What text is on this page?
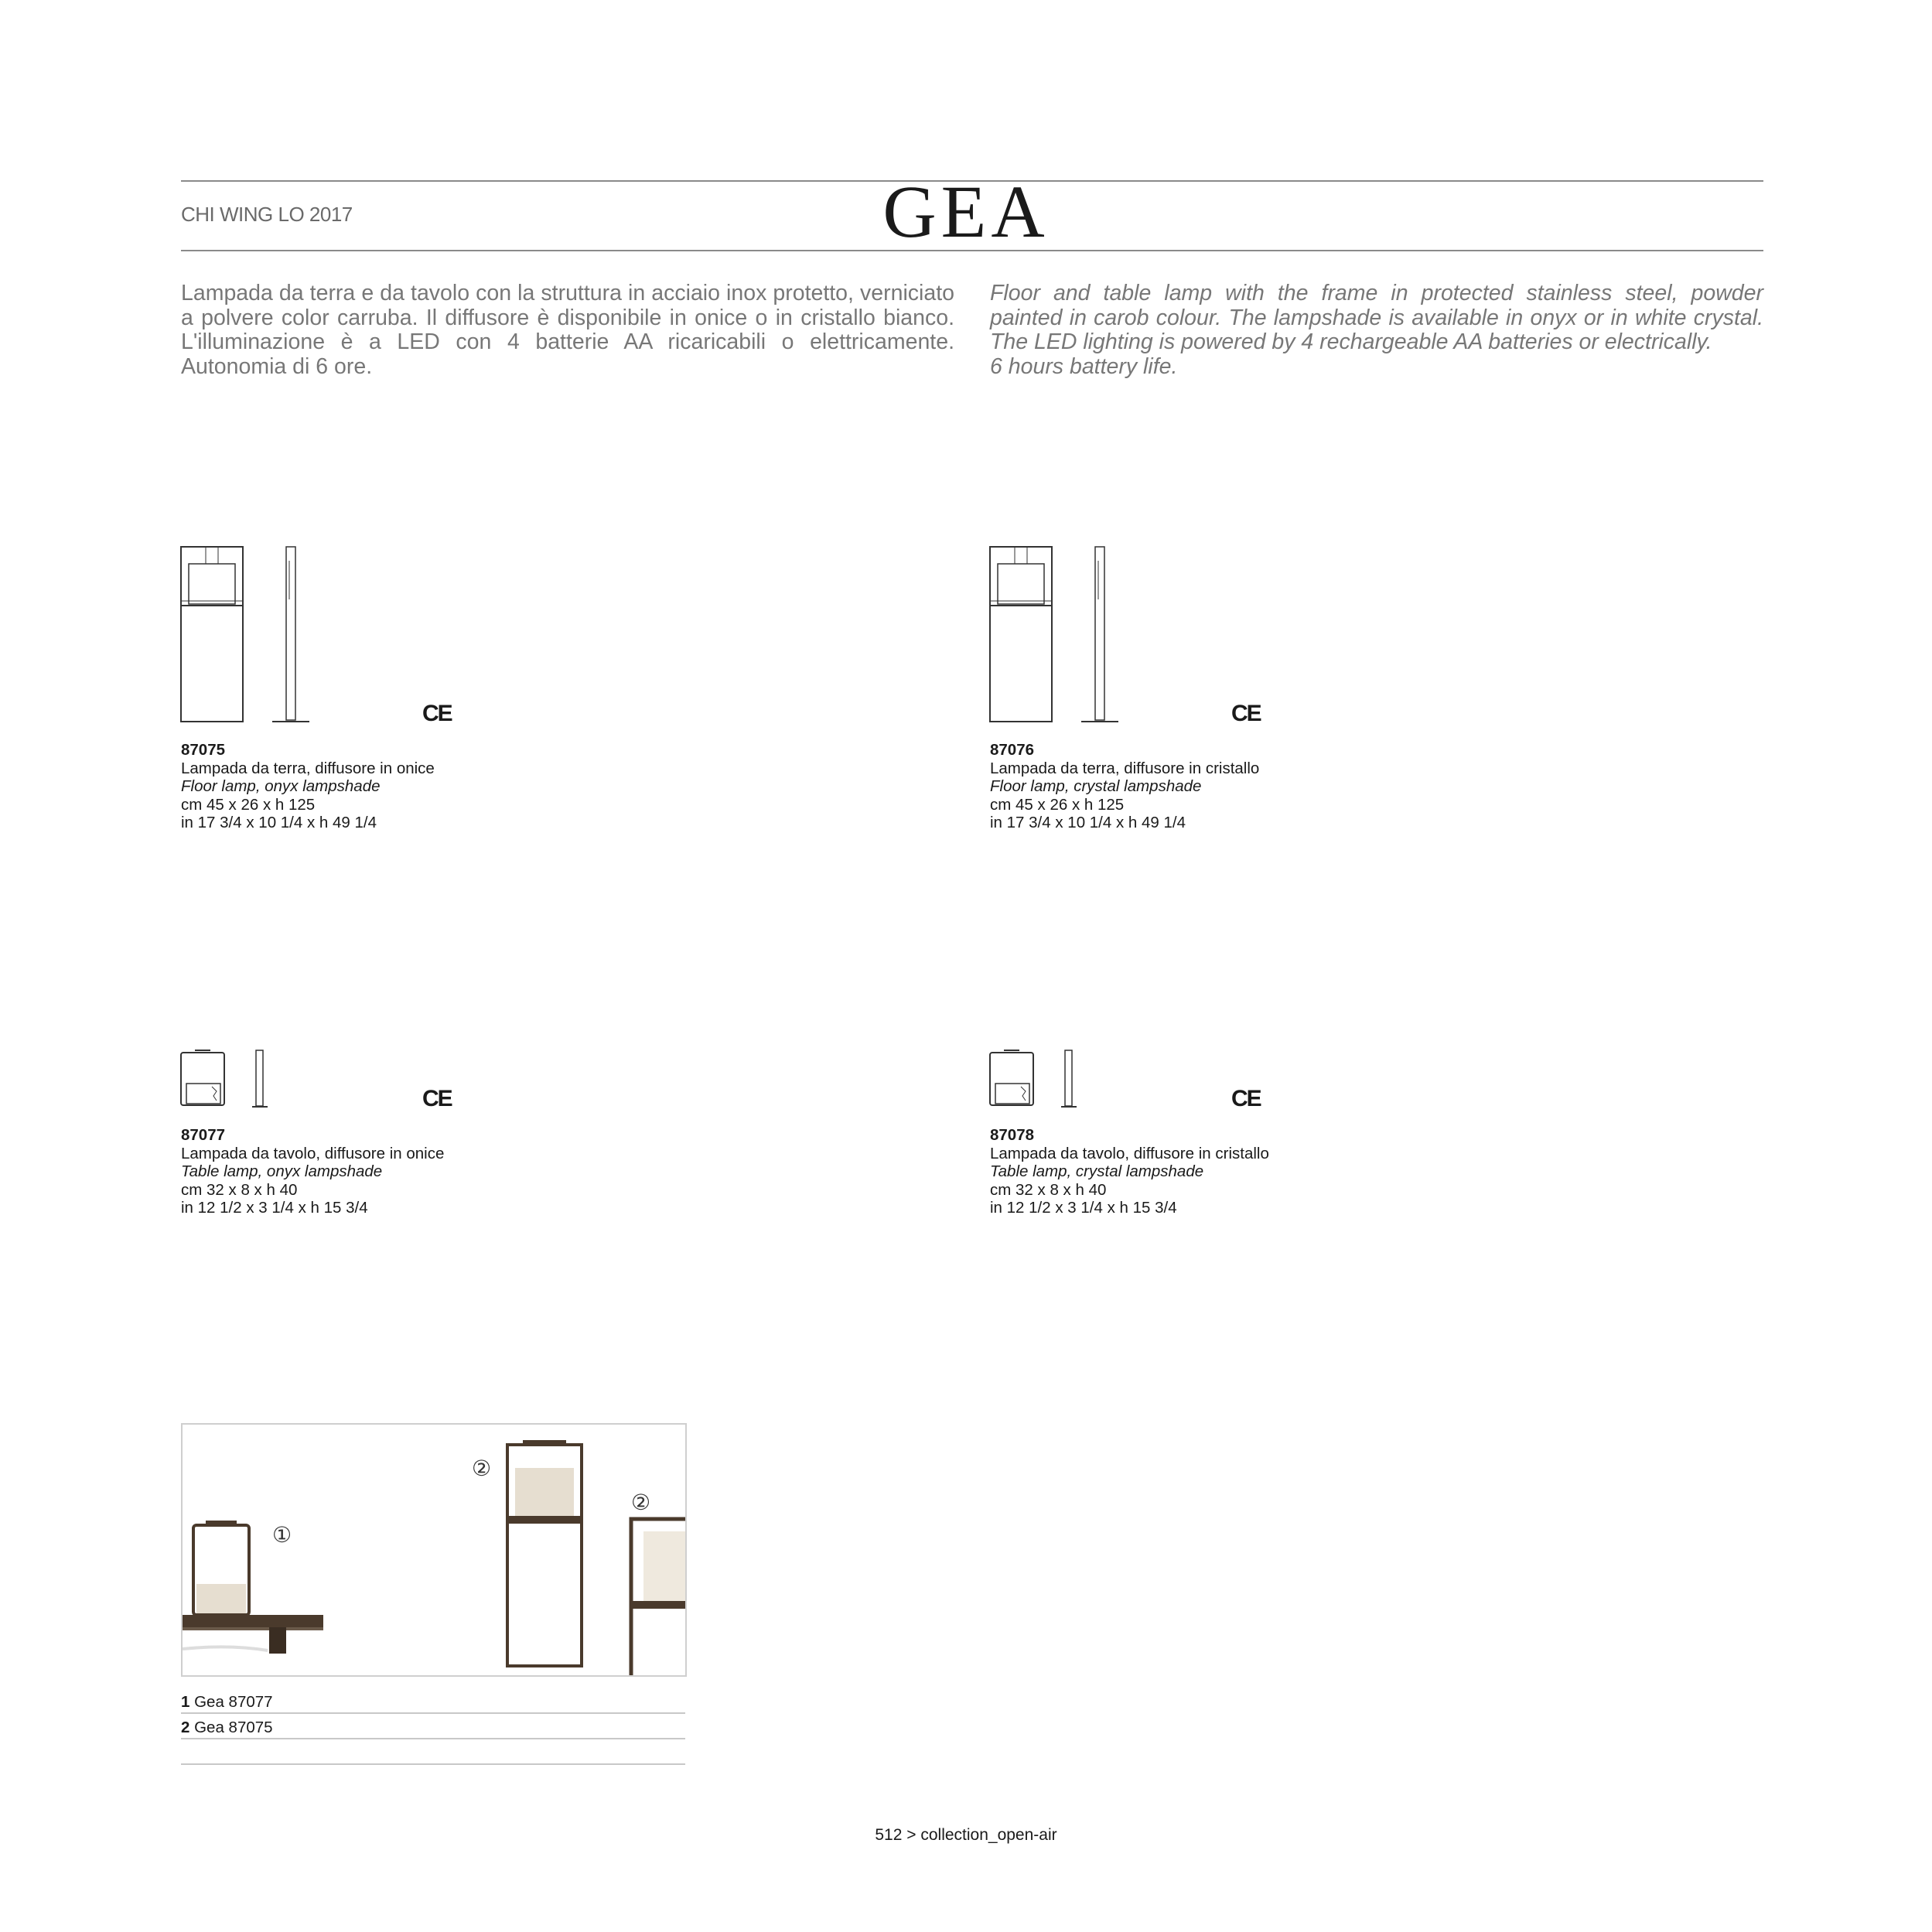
CHI WING LO 2017	GEA
Lampada da terra e da tavolo con la struttura in acciaio inox protetto, verniciato a polvere color carruba. Il diffusore è disponibile in onice o in cristallo bianco. L'illuminazione è a LED con 4 batterie AA ricaricabili o elettricamente. Autonomia di 6 ore.
Floor and table lamp with the frame in protected stainless steel, powder painted in carob colour. The lampshade is available in onyx or in white crystal. The LED lighting is powered by 4 rechargeable AA batteries or electrically.
6 hours battery life.
CE
87075
Lampada da terra, diffusore in onice
Floor lamp, onyx lampshade
cm 45 x 26 x h 125
in 17 3/4 x 10 1/4 x h 49 1/4
CE
87076
Lampada da terra, diffusore in cristallo
Floor lamp, crystal lampshade
cm 45 x 26 x h 125
in 17 3/4 x 10 1/4 x h 49 1/4
CE
87077
Lampada da tavolo, diffusore in onice
Table lamp, onyx lampshade
cm 32 x 8 x h 40
in 12 1/2 x 3 1/4 x h 15 3/4
CE
87078
Lampada da tavolo, diffusore in cristallo
Table lamp, crystal lampshade
cm 32 x 8 x h 40
in 12 1/2 x 3 1/4 x h 15 3/4
①
②
②
1 Gea 87077
2 Gea 87075
512 > collection_open-air
